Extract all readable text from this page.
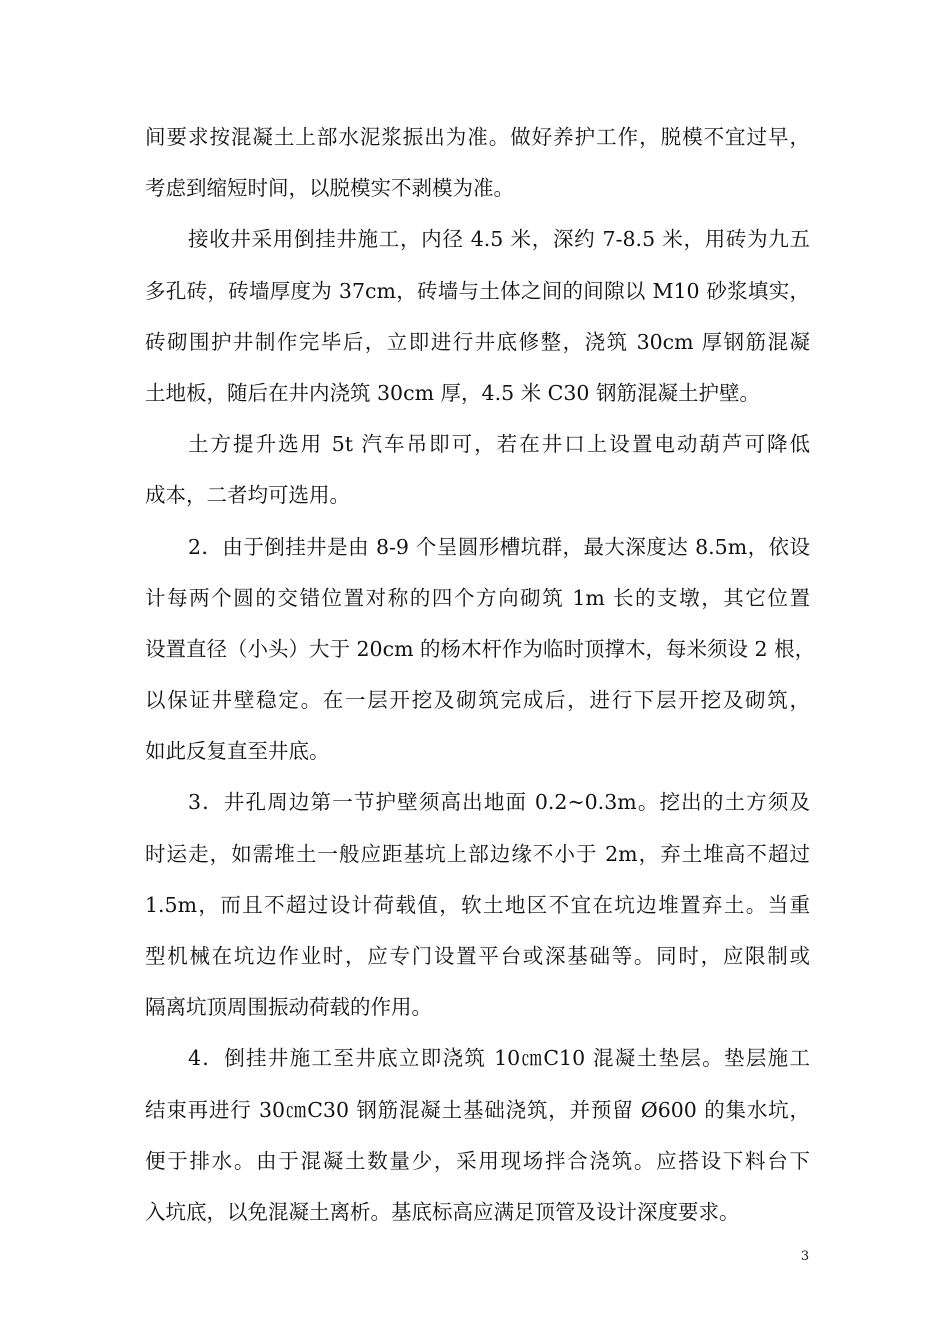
间要求按混凝土上部水泥浆振出为准。做好养护工作，脱模不宜过早，
考虑到缩短时间，以脱模实不剥模为准。
接收井采用倒挂井施工，内径 4.5 米，深约 7-8.5 米，用砖为九五
多孔砖，砖墙厚度为 37cm，砖墙与土体之间的间隙以 M10 砂浆填实，
砖砌围护井制作完毕后，立即进行井底修整，浇筑 30cm 厚钢筋混凝
土地板，随后在井内浇筑 30cm 厚，4.5 米 C30 钢筋混凝土护壁。
土方提升选用 5t 汽车吊即可，若在井口上设置电动葫芦可降低
成本，二者均可选用。
2．由于倒挂井是由 8-9 个呈圆形槽坑群，最大深度达 8.5m，依设
计每两个圆的交错位置对称的四个方向砌筑 1m 长的支墩，其它位置
设置直径（小头）大于 20cm 的杨木杆作为临时顶撑木，每米须设 2 根，
以保证井壁稳定。在一层开挖及砌筑完成后，进行下层开挖及砌筑，
如此反复直至井底。
3．井孔周边第一节护壁须高出地面 0.2~0.3m。挖出的土方须及
时运走，如需堆土一般应距基坑上部边缘不小于 2m，弃土堆高不超过
1.5m，而且不超过设计荷载值，软土地区不宜在坑边堆置弃土。当重
型机械在坑边作业时，应专门设置平台或深基础等。同时，应限制或
隔离坑顶周围振动荷载的作用。
4．倒挂井施工至井底立即浇筑 10㎝C10 混凝土垫层。垫层施工
结束再进行 30㎝C30 钢筋混凝土基础浇筑，并预留 Ø600 的集水坑，
便于排水。由于混凝土数量少，采用现场拌合浇筑。应搭设下料台下
入坑底，以免混凝土离析。基底标高应满足顶管及设计深度要求。
3
